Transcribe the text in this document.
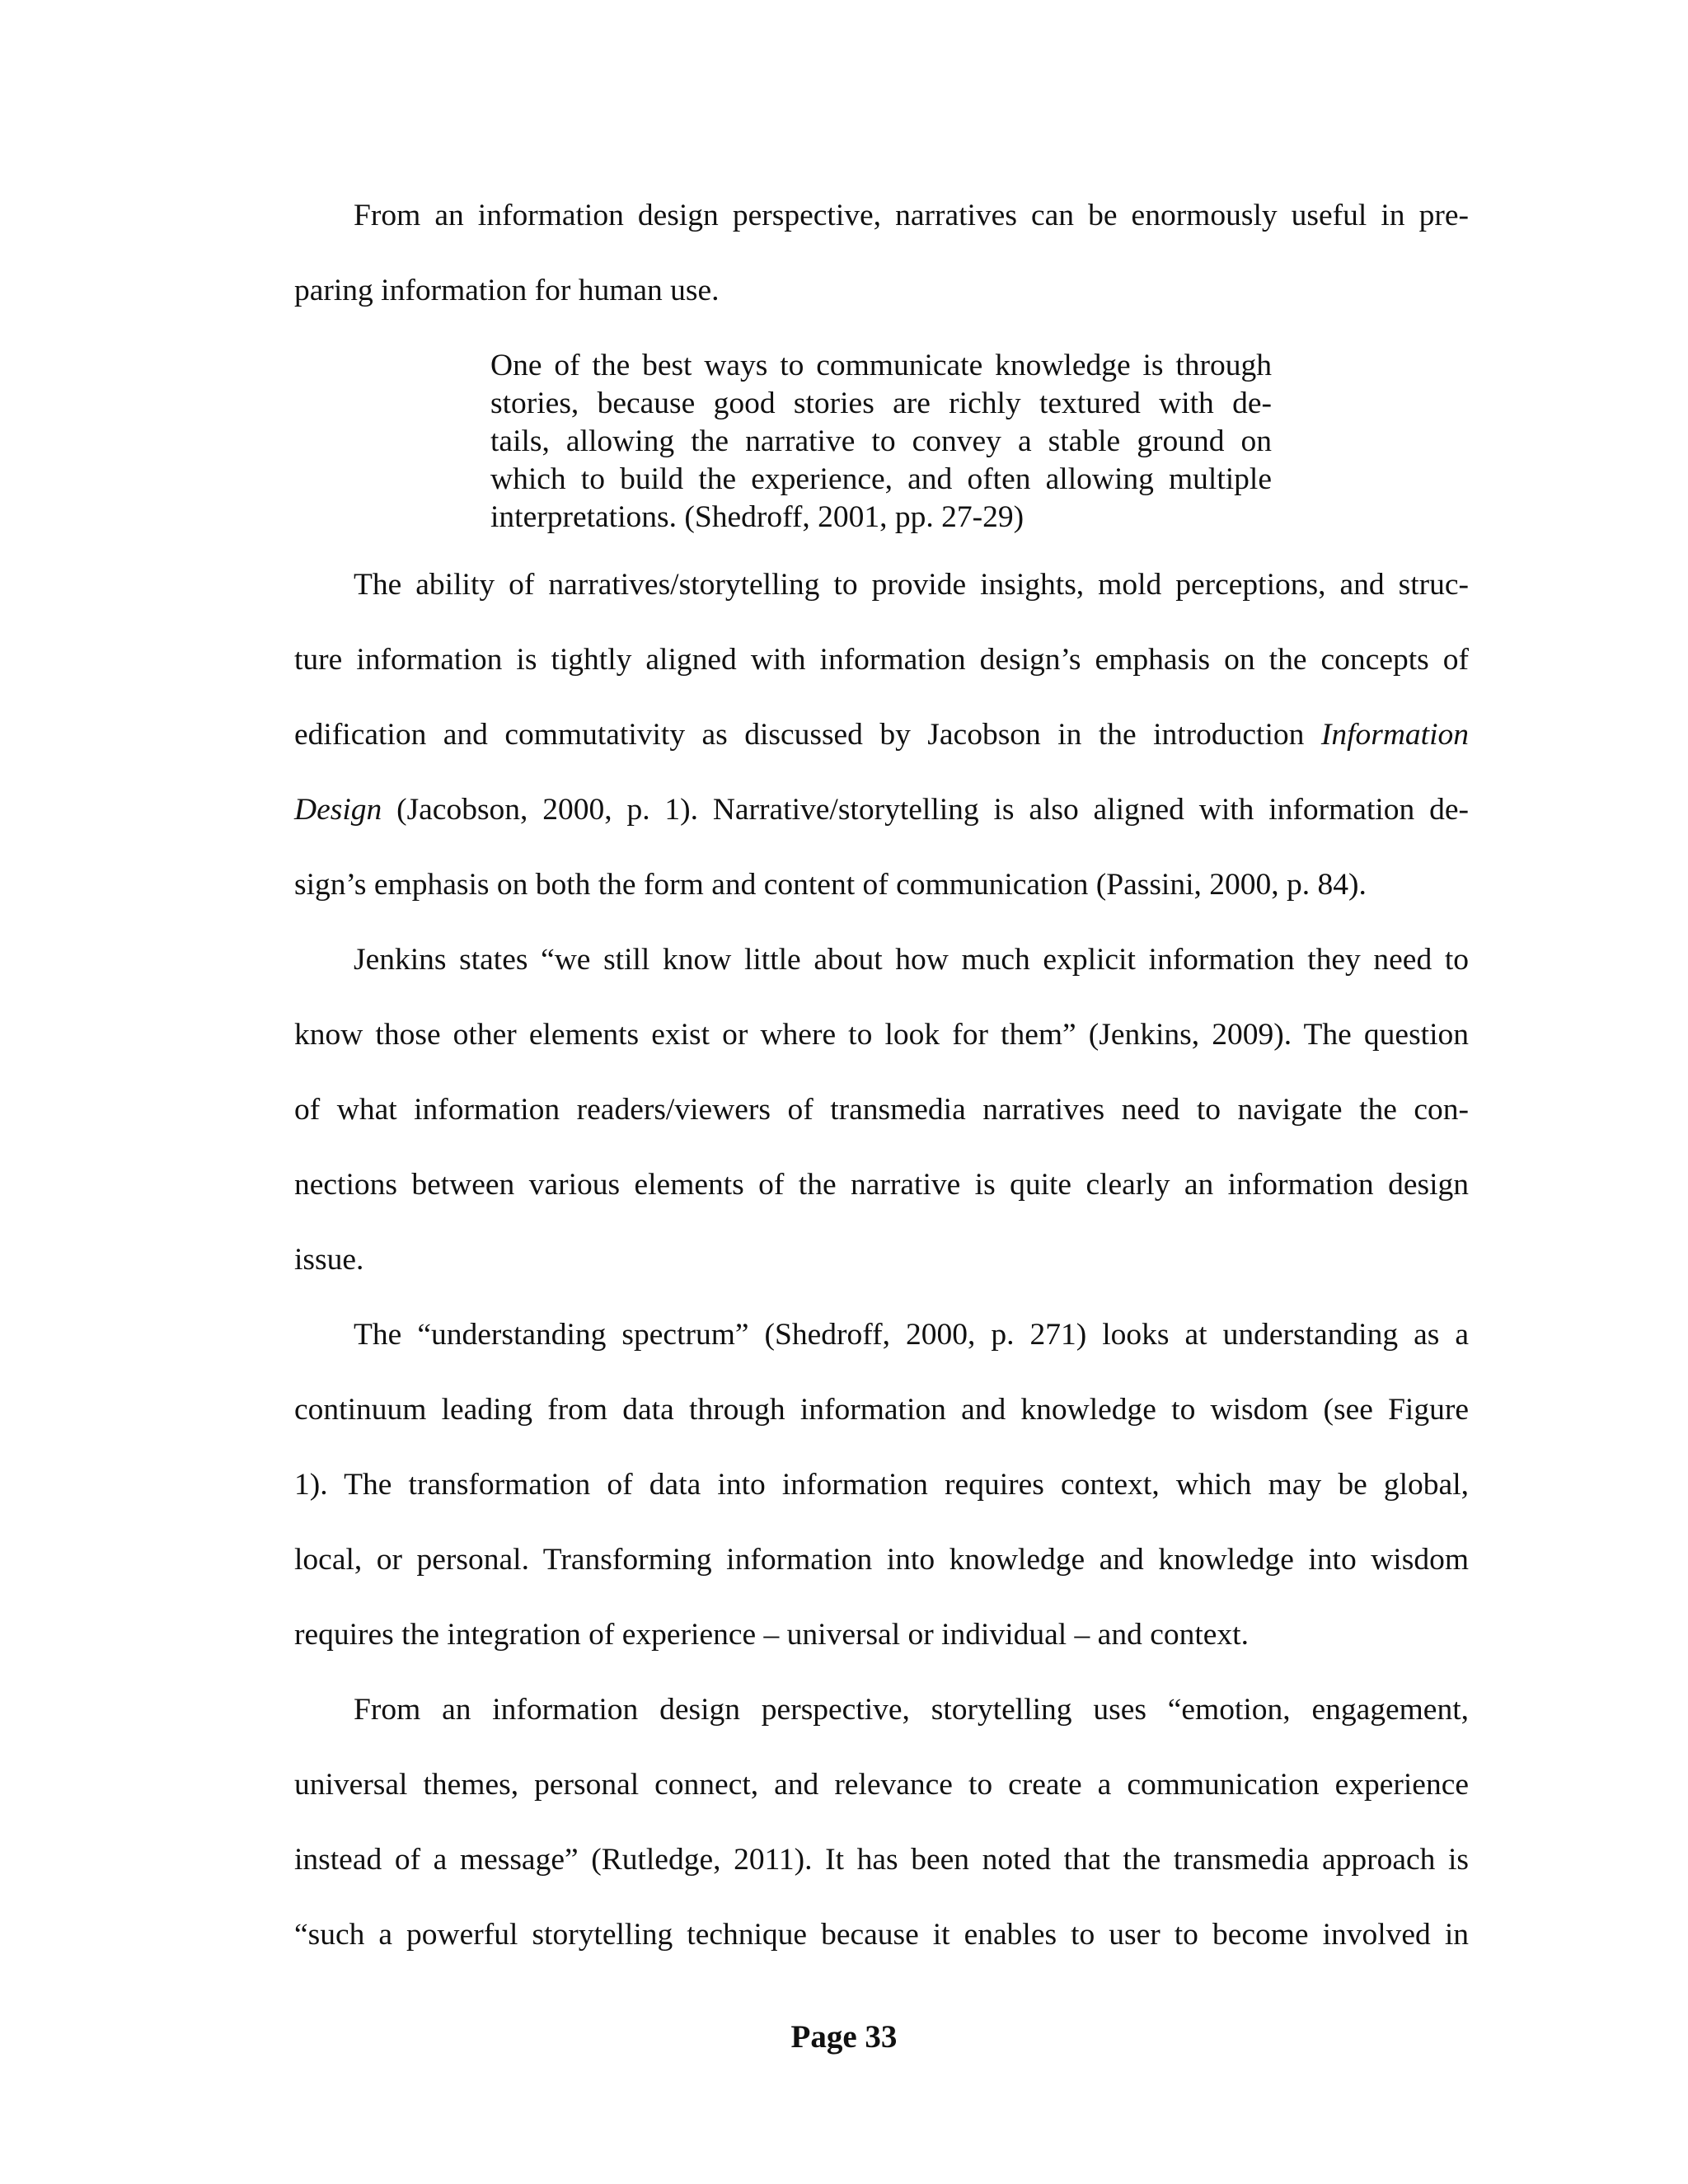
From an information design perspective, narratives can be enormously useful in pre-
paring information for human use.
One of the best ways to communicate knowledge is through
stories, because good stories are richly textured with de-
tails, allowing the narrative to convey a stable ground on
which to build the experience, and often allowing multiple
interpretations. (Shedroff, 2001, pp. 27-29)
The ability of narratives/storytelling to provide insights, mold perceptions, and struc-
ture information is tightly aligned with information design’s emphasis on the concepts of
edification and commutativity as discussed by Jacobson in the introduction Information
Design (Jacobson, 2000, p. 1). Narrative/storytelling is also aligned with information de-
sign’s emphasis on both the form and content of communication (Passini, 2000, p. 84).
Jenkins states “we still know little about how much explicit information they need to
know those other elements exist or where to look for them” (Jenkins, 2009). The question
of what information readers/viewers of transmedia narratives need to navigate the con-
nections between various elements of the narrative is quite clearly an information design
issue.
The “understanding spectrum” (Shedroff, 2000, p. 271) looks at understanding as a
continuum leading from data through information and knowledge to wisdom (see Figure
1). The transformation of data into information requires context, which may be global,
local, or personal. Transforming information into knowledge and knowledge into wisdom
requires the integration of experience – universal or individual – and context.
From an information design perspective, storytelling uses “emotion, engagement,
universal themes, personal connect, and relevance to create a communication experience
instead of a message” (Rutledge, 2011). It has been noted that the transmedia approach is
“such a powerful storytelling technique because it enables to user to become involved in
Page 33
